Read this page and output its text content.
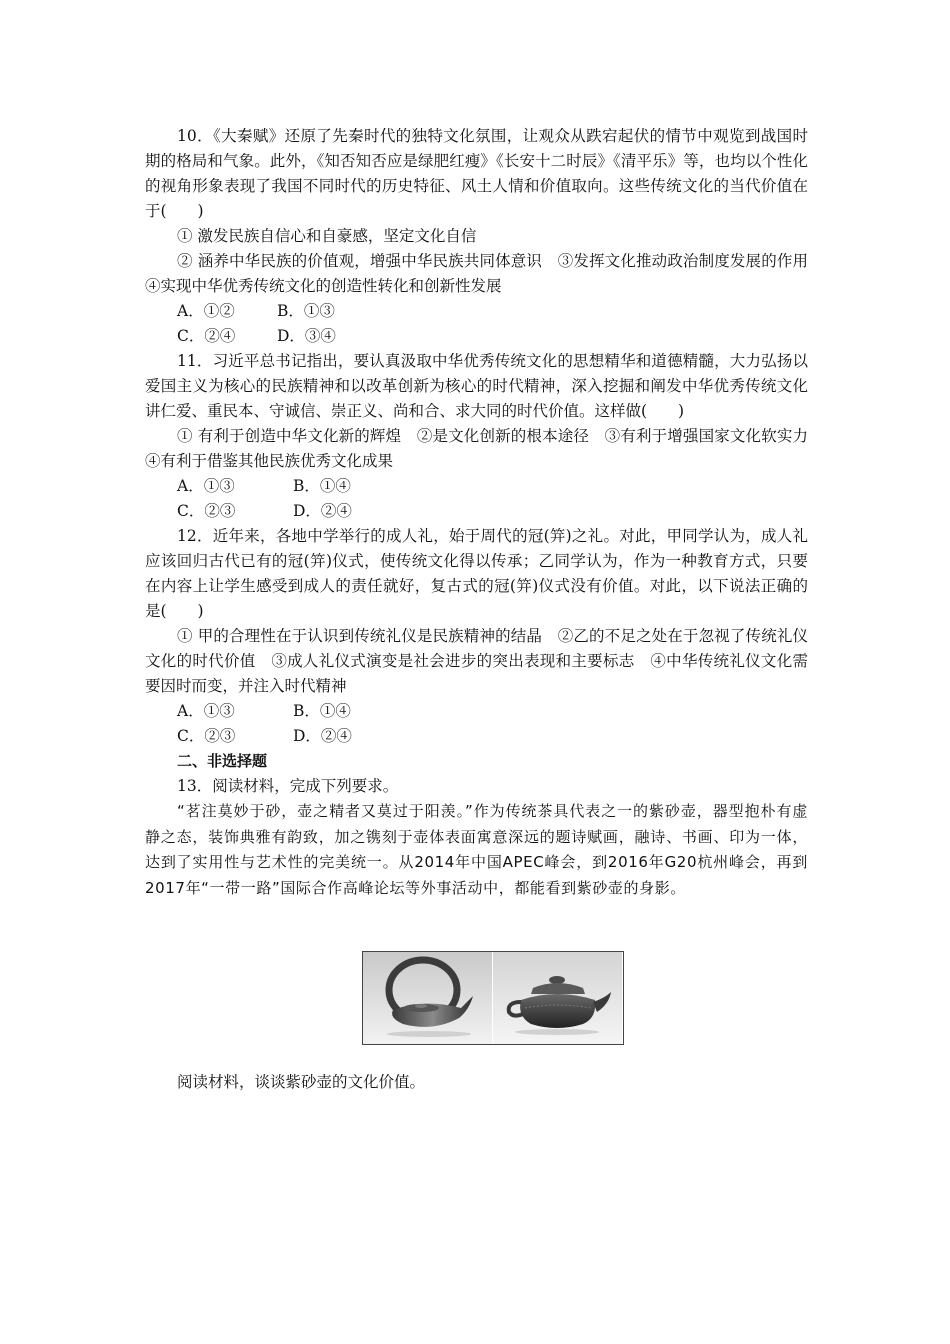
10．《大秦赋》还原了先秦时代的独特文化氛围，让观众从跌宕起伏的情节中观览到战国时期的格局和气象。此外，《知否知否应是绿肥红瘦》《长安十二时辰》《清平乐》等，也均以个性化的视角形象表现了我国不同时代的历史特征、风土人情和价值取向。这些传统文化的当代价值在于(　　)

① 激发民族自信心和自豪感，坚定文化自信

② 涵养中华民族的价值观，增强中华民族共同体意识　③发挥文化推动政治制度发展的作用　④实现中华优秀传统文化的创造性转化和创新性发展

A．①②	B．①③
C．②④	D．③④

11．习近平总书记指出，要认真汲取中华优秀传统文化的思想精华和道德精髓，大力弘扬以爱国主义为核心的民族精神和以改革创新为核心的时代精神，深入挖掘和阐发中华优秀传统文化讲仁爱、重民本、守诚信、崇正义、尚和合、求大同的时代价值。这样做(　　)

① 有利于创造中华文化新的辉煌　②是文化创新的根本途径　③有利于增强国家文化软实力　④有利于借鉴其他民族优秀文化成果

A．①③	B．①④
C．②③	D．②④

12．近年来，各地中学举行的成人礼，始于周代的冠(笄)之礼。对此，甲同学认为，成人礼应该回归古代已有的冠(笄)仪式，使传统文化得以传承；乙同学认为，作为一种教育方式，只要在内容上让学生感受到成人的责任就好，复古式的冠(笄)仪式没有价值。对此，以下说法正确的是(　　)

① 甲的合理性在于认识到传统礼仪是民族精神的结晶　②乙的不足之处在于忽视了传统礼仪文化的时代价值　③成人礼仪式演变是社会进步的突出表现和主要标志　④中华传统礼仪文化需要因时而变，并注入时代精神

A．①③	B．①④
C．②③	D．②④

二、非选择题

13．阅读材料，完成下列要求。

“茗注莫妙于砂，壶之精者又莫过于阳羡。”作为传统茶具代表之一的紫砂壶，器型抱朴有虚静之态，装饰典雅有韵致，加之镌刻于壶体表面寓意深远的题诗赋画，融诗、书画、印为一体，达到了实用性与艺术性的完美统一。从2014年中国APEC峰会，到2016年G20杭州峰会，再到2017年“一带一路”国际合作高峰论坛等外事活动中，都能看到紫砂壶的身影。

阅读材料，谈谈紫砂壶的文化价值。
